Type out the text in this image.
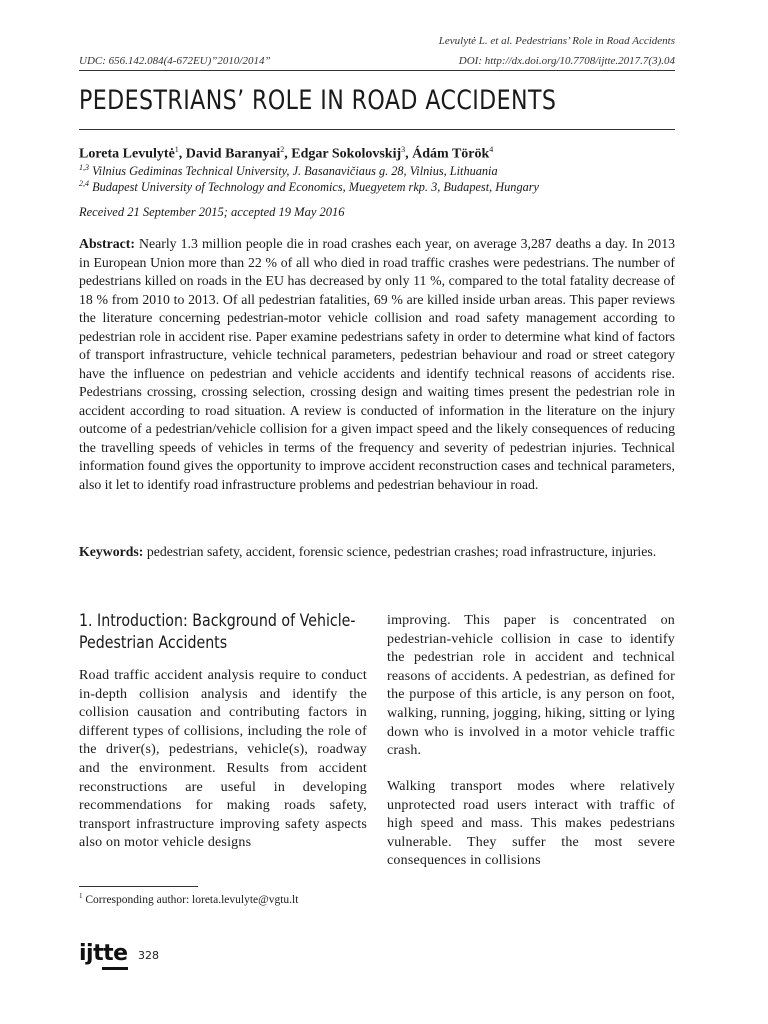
Levulytė L. et al. Pedestrians’ Role in Road Accidents
UDC: 656.142.084(4-672EU)”2010/2014”	DOI: http://dx.doi.org/10.7708/ijtte.2017.7(3).04
PEDESTRIANS’ ROLE IN ROAD ACCIDENTS
Loreta Levulytė$^1$, David Baranyai$^2$, Edgar Sokolovskij$^3$, Ádám Török$^4$
$^{1,3}$ Vilnius Gediminas Technical University, J. Basanavičiaus g. 28, Vilnius, Lithuania
$^{2,4}$ Budapest University of Technology and Economics, Muegyetem rkp. 3, Budapest, Hungary
Received 21 September 2015; accepted 19 May 2016
Abstract: Nearly 1.3 million people die in road crashes each year, on average 3,287 deaths a day. In 2013 in European Union more than 22 % of all who died in road traffic crashes were pedestrians. The number of pedestrians killed on roads in the EU has decreased by only 11 %, compared to the total fatality decrease of 18 % from 2010 to 2013. Of all pedestrian fatalities, 69 % are killed inside urban areas. This paper reviews the literature concerning pedestrian-motor vehicle collision and road safety management according to pedestrian role in accident rise. Paper examine pedestrians safety in order to determine what kind of factors of transport infrastructure, vehicle technical parameters, pedestrian behaviour and road or street category have the influence on pedestrian and vehicle accidents and identify technical reasons of accidents rise. Pedestrians crossing, crossing selection, crossing design and waiting times present the pedestrian role in accident according to road situation. A review is conducted of information in the literature on the injury outcome of a pedestrian/vehicle collision for a given impact speed and the likely consequences of reducing the travelling speeds of vehicles in terms of the frequency and severity of pedestrian injuries. Technical information found gives the opportunity to improve accident reconstruction cases and technical parameters, also it let to identify road infrastructure problems and pedestrian behaviour in road.
Keywords: pedestrian safety, accident, forensic science, pedestrian crashes; road infrastructure, injuries.
1. Introduction: Background of Vehicle-
Pedestrian Accidents
Road traffic accident analysis require to conduct in-depth collision analysis and identify the collision causation and contributing factors in different types of collisions, including the role of the driver(s), pedestrians, vehicle(s), roadway and the environment. Results from accident reconstructions are useful in developing recommendations for making roads safety, transport infrastructure improving safety aspects also on motor vehicle designs
improving. This paper is concentrated on pedestrian-vehicle collision in case to identify the pedestrian role in accident and technical reasons of accidents. A pedestrian, as defined for the purpose of this article, is any person on foot, walking, running, jogging, hiking, sitting or lying down who is involved in a motor vehicle traffic crash.
Walking transport modes where relatively unprotected road users interact with traffic of high speed and mass. This makes pedestrians vulnerable. They suffer the most severe consequences in collisions
$^1$ Corresponding author: loreta.levulyte@vgtu.lt
ijtte 328
